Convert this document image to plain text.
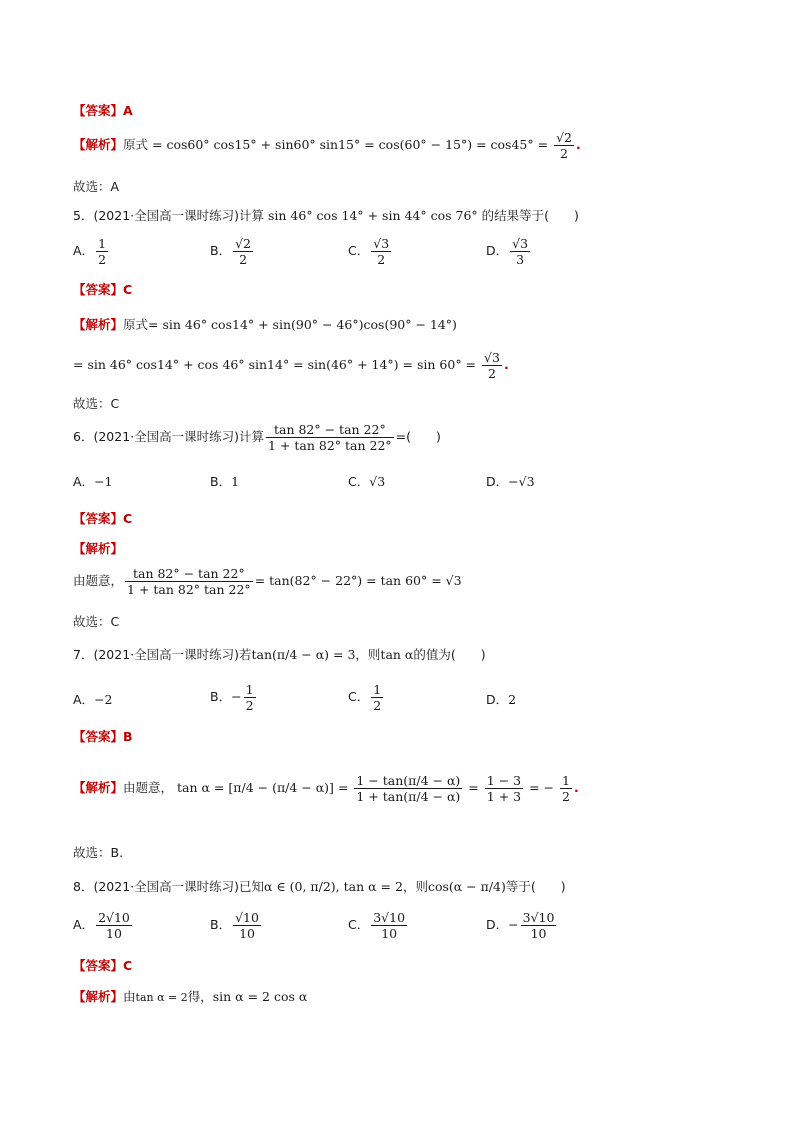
【答案】A
【解析】原式 = cos60° cos15° + sin60° $\sin 15^\circ = \cos(60^\circ - 15^\circ) = \cos 45^\circ = \frac{√2}{2}$ .
故选：A
5．(2021·全国高一课时练习)计算 sin 46° cos 14° + sin 44° cos 76° 的结果等于(　　)
A． $\frac{1}{2}$	B． $\frac{√2}{2}$	C． $\frac{√3}{2}$	D． $\frac{√3}{3}$
【答案】C
【解析】原式= sin 46° cos14° + sin(90° − 46°)cos(90° − 14°)
= sin 46° cos14° + cos 46° $\sin 14^\circ = \sin(46^\circ + 14^\circ) = \sin 60^\circ = \frac{√3}{2}$ .
故选：C
6．(2021·全国高一课时练习)计算 $\frac{\tan 82^\circ - \tan 22^\circ}{1 + \tan 82^\circ \tan 22^\circ}$ =(　　)
A．−1	B．1	C．√3	D．−√3
【答案】C
【解析】
由题意， $\frac{\tan 82^\circ - \tan 22^\circ}{1 + \tan 82^\circ \tan 22^\circ} = \tan(82^\circ - 22^\circ) = \tan 60^\circ = √3$
故选：C
7．(2021·全国高一课时练习)若tan(π/4 − α) = 3，则tan α的值为(　　)
A．−2	B．− $\frac{1}{2}$	C． $\frac{1}{2}$	D．2
【答案】B
【解析】由题意， $\tan \alpha = [\pi/4 - (\pi/4 - \alpha)] = \frac{1 - \tan(\pi/4 - \alpha)}{1 + \tan(\pi/4 - \alpha)} = \frac{1 - 3}{1 + 3}$ = − $\frac{1}{2}$ .
故选：B.
8．(2021·全国高一课时练习)已知α ∈ (0, π/2), tan α = 2，则cos(α − π/4)等于(　　)
A． $\frac{2√10}{10}$	B． $\frac{√10}{10}$	C． $\frac{3√10}{10}$	D．− $\frac{3√10}{10}$
【答案】C
【解析】由tan α = 2得，sin α = 2 cos α
